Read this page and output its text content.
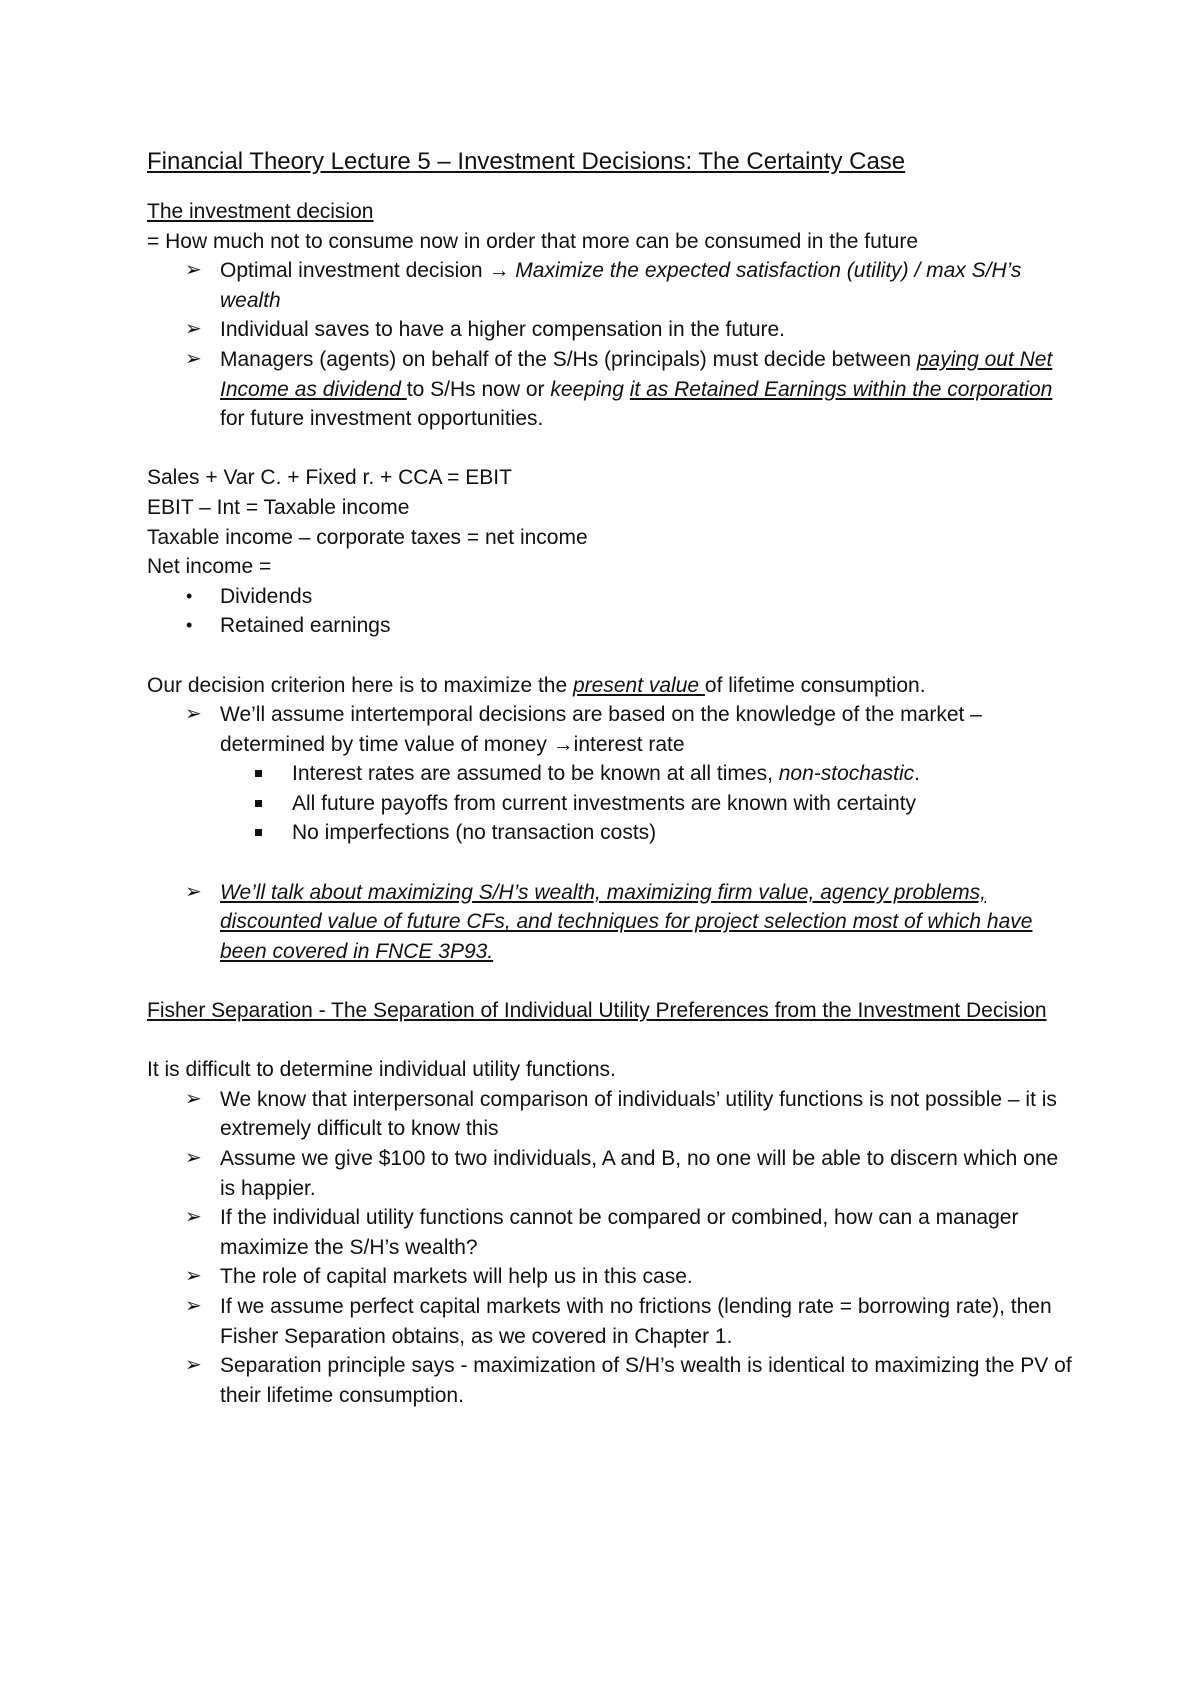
Financial Theory Lecture 5 – Investment Decisions: The Certainty Case

The investment decision

= How much not to consume now in order that more can be consumed in the future

➢ Optimal investment decision → Maximize the expected satisfaction (utility) / max S/H’s wealth
➢ Individual saves to have a higher compensation in the future.
➢ Managers (agents) on behalf of the S/Hs (principals) must decide between paying out Net Income as dividend to S/Hs now or keeping it as Retained Earnings within the corporation for future investment opportunities.

Sales + Var C. + Fixed r. + CCA = EBIT

EBIT – Int = Taxable income

Taxable income – corporate taxes = net income

Net income =

• Dividends
• Retained earnings

Our decision criterion here is to maximize the present value of lifetime consumption.

➢ We’ll assume intertemporal decisions are based on the knowledge of the market – determined by time value of money →interest rate
Interest rates are assumed to be known at all times, non-stochastic.
All future payoffs from current investments are known with certainty
No imperfections (no transaction costs)
➢ We’ll talk about maximizing S/H’s wealth, maximizing firm value, agency problems, discounted value of future CFs, and techniques for project selection most of which have been covered in FNCE 3P93.

Fisher Separation - The Separation of Individual Utility Preferences from the Investment Decision

It is difficult to determine individual utility functions.

➢ We know that interpersonal comparison of individuals’ utility functions is not possible – it is extremely difficult to know this
➢ Assume we give $100 to two individuals, A and B, no one will be able to discern which one is happier.
➢ If the individual utility functions cannot be compared or combined, how can a manager maximize the S/H’s wealth?
➢ The role of capital markets will help us in this case.
➢ If we assume perfect capital markets with no frictions (lending rate = borrowing rate), then Fisher Separation obtains, as we covered in Chapter 1.
➢ Separation principle says - maximization of S/H’s wealth is identical to maximizing the PV of their lifetime consumption.
